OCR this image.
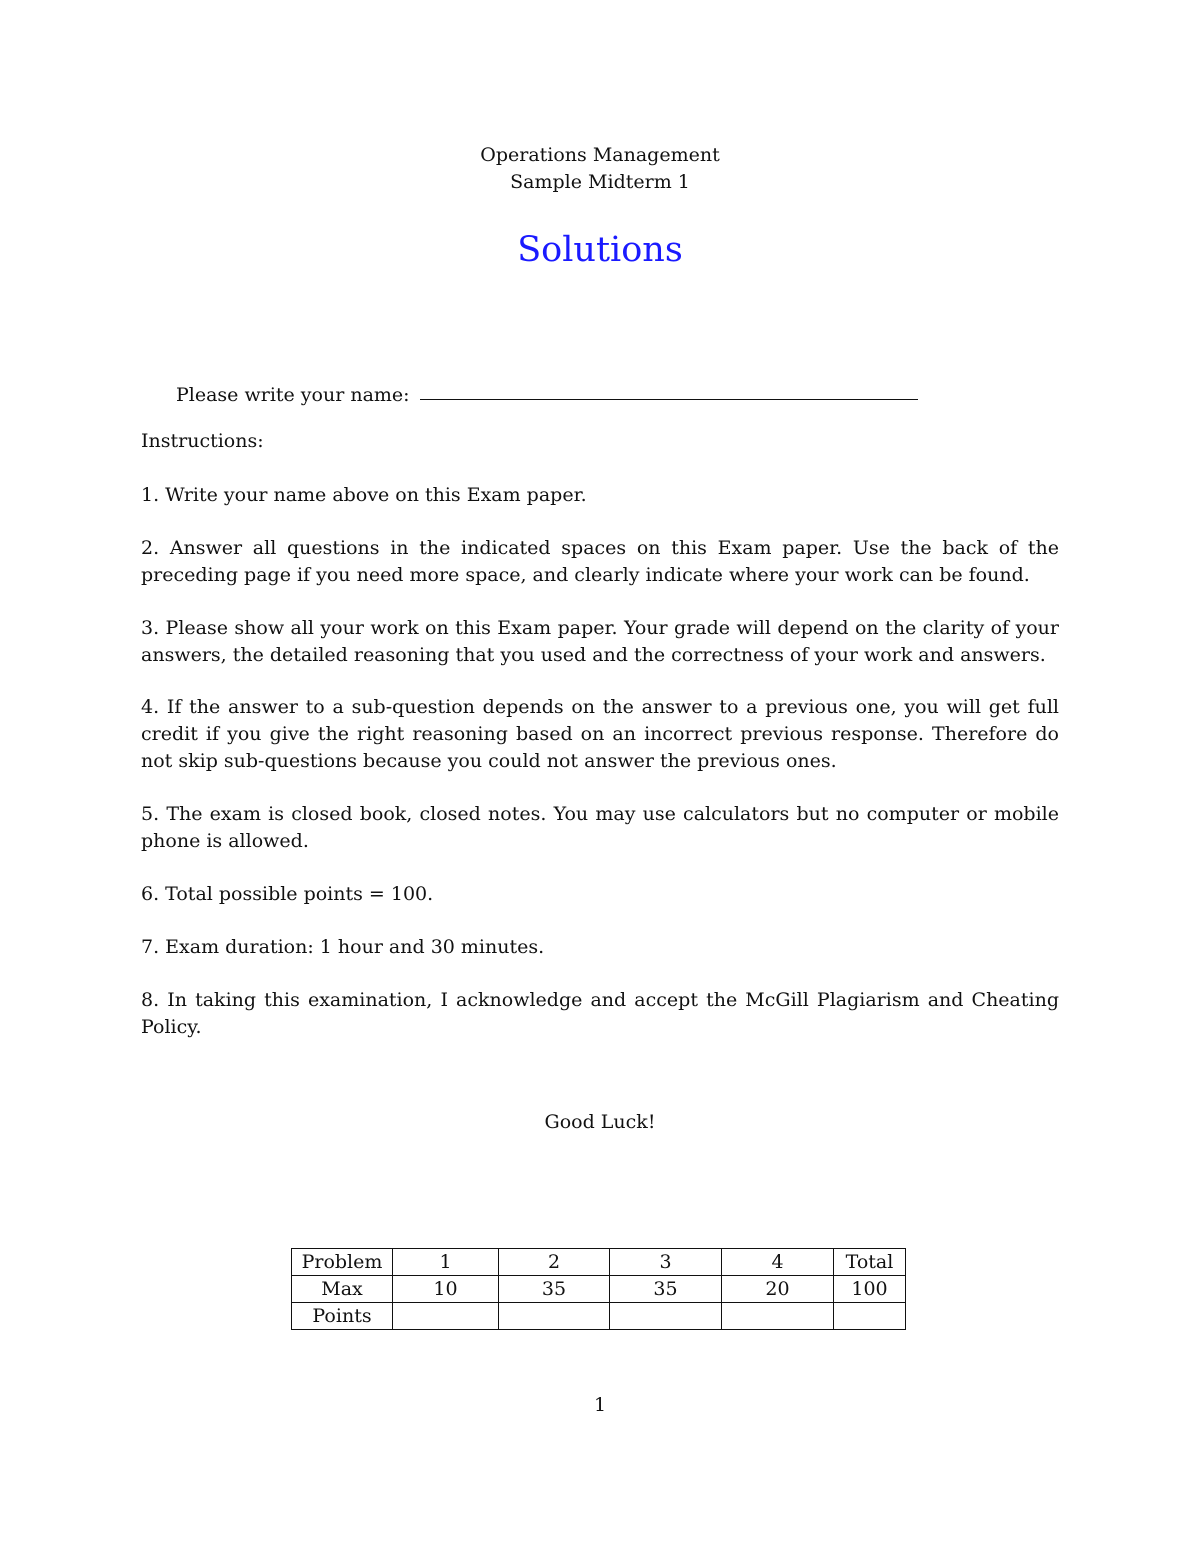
Operations Management
Sample Midterm 1
Solutions
Please write your name:
Instructions:
1. Write your name above on this Exam paper.
2. Answer all questions in the indicated spaces on this Exam paper. Use the back of the preceding page if you need more space, and clearly indicate where your work can be found.
3. Please show all your work on this Exam paper. Your grade will depend on the clarity of your answers, the detailed reasoning that you used and the correctness of your work and answers.
4. If the answer to a sub-question depends on the answer to a previous one, you will get full credit if you give the right reasoning based on an incorrect previous response. Therefore do not skip sub-questions because you could not answer the previous ones.
5. The exam is closed book, closed notes. You may use calculators but no computer or mobile phone is allowed.
6. Total possible points = 100.
7. Exam duration: 1 hour and 30 minutes.
8. In taking this examination, I acknowledge and accept the McGill Plagiarism and Cheating Policy.
Good Luck!
Problem	1	2	3	4	Total
Max	10	35	35	20	100
Points					
1
